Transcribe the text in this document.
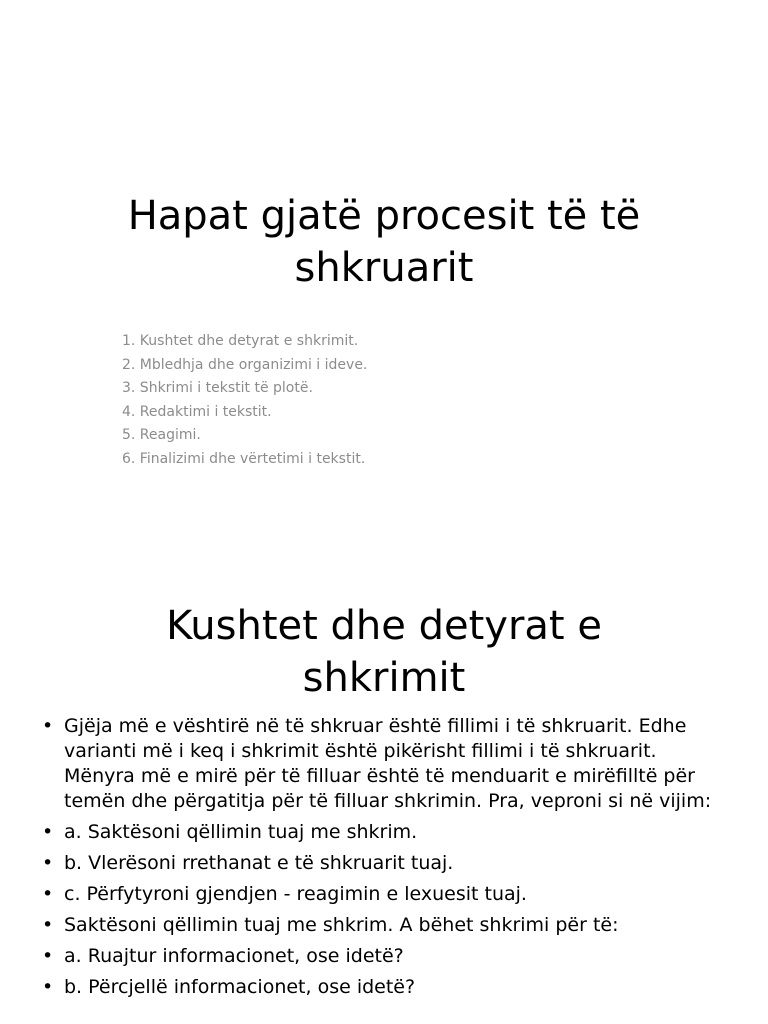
Hapat gjatë procesit të të
shkruarit
1. Kushtet dhe detyrat e shkrimit.
2. Mbledhja dhe organizimi i ideve.
3. Shkrimi i tekstit të plotë.
4. Redaktimi i tekstit.
5. Reagimi.
6. Finalizimi dhe vërtetimi i tekstit.
Kushtet dhe detyrat e
shkrimit
• Gjëja më e vështirë në të shkruar është fillimi i të shkruarit. Edhe varianti më i keq i shkrimit është pikërisht fillimi i të shkruarit. Mënyra më e mirë për të filluar është të menduarit e mirëfilltë për temën dhe përgatitja për të filluar shkrimin. Pra, veproni si në vijim:
• a. Saktësoni qëllimin tuaj me shkrim.
• b. Vlerësoni rrethanat e të shkruarit tuaj.
• c. Përfytyroni gjendjen - reagimin e lexuesit tuaj.
• Saktësoni qëllimin tuaj me shkrim. A bëhet shkrimi për të:
• a. Ruajtur informacionet, ose idetë?
• b. Përcjellë informacionet, ose idetë?
